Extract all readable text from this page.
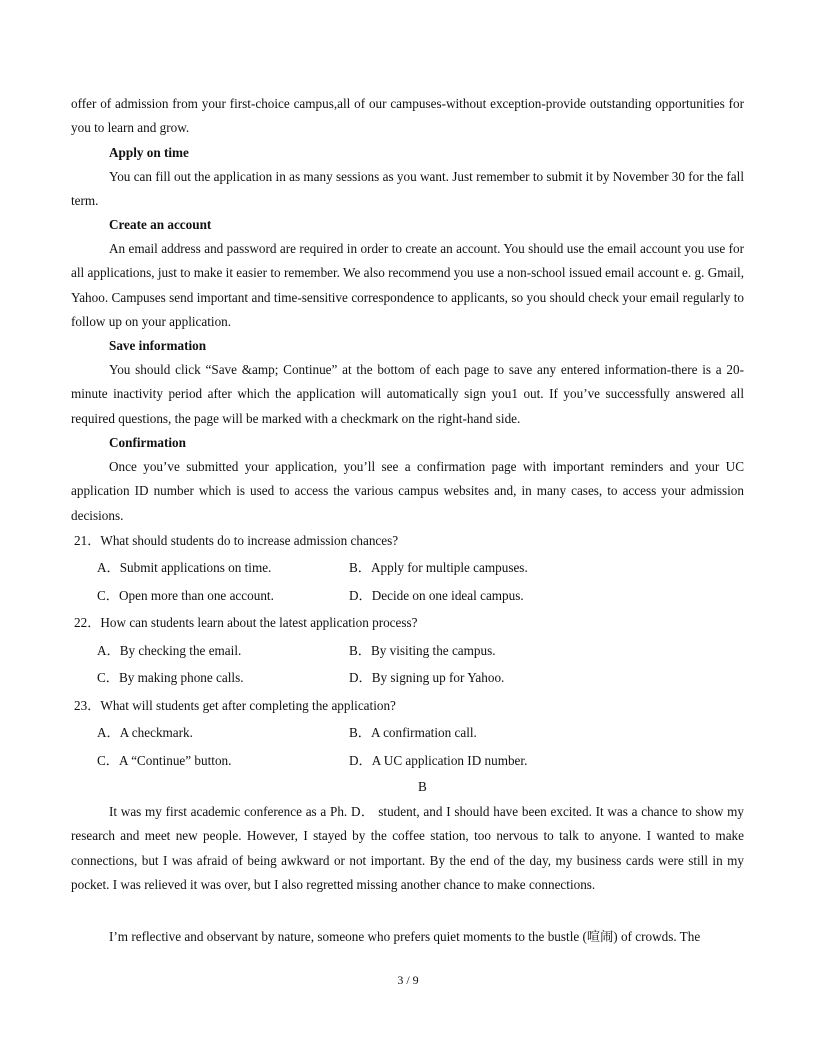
offer of admission from your first-choice campus,all of our campuses-without exception-provide outstanding opportunities for you to learn and grow.

Apply on time

You can fill out the application in as many sessions as you want. Just remember to submit it by November 30 for the fall term.

Create an account

An email address and password are required in order to create an account. You should use the email account you use for all applications, just to make it easier to remember. We also recommend you use a non-school issued email account e. g. Gmail, Yahoo. Campuses send important and time-sensitive correspondence to applicants, so you should check your email regularly to follow up on your application.

Save information

You should click “Save &amp; Continue” at the bottom of each page to save any entered information-there is a 20-minute inactivity period after which the application will automatically sign you1 out. If you’ve successfully answered all required questions, the page will be marked with a checkmark on the right-hand side.

Confirmation

Once you’ve submitted your application, you’ll see a confirmation page with important reminders and your UC application ID number which is used to access the various campus websites and, in many cases, to access your admission decisions.

21．What should students do to increase admission chances?

A．Submit applications on time.	B．Apply for multiple campuses.
C．Open more than one account.	D．Decide on one ideal campus.

22．How can students learn about the latest application process?

A．By checking the email.	B．By visiting the campus.
C．By making phone calls.	D．By signing up for Yahoo.

23．What will students get after completing the application?

A．A checkmark.	B．A confirmation call.
C．A “Continue” button.	D．A UC application ID number.
B

It was my first academic conference as a Ph. D． student, and I should have been excited. It was a chance to show my research and meet new people. However, I stayed by the coffee station, too nervous to talk to anyone. I wanted to make connections, but I was afraid of being awkward or not important. By the end of the day, my business cards were still in my pocket. I was relieved it was over, but I also regretted missing another chance to make connections.

I’m reflective and observant by nature, someone who prefers quiet moments to the bustle (喧闹) of crowds. The

3 / 9
